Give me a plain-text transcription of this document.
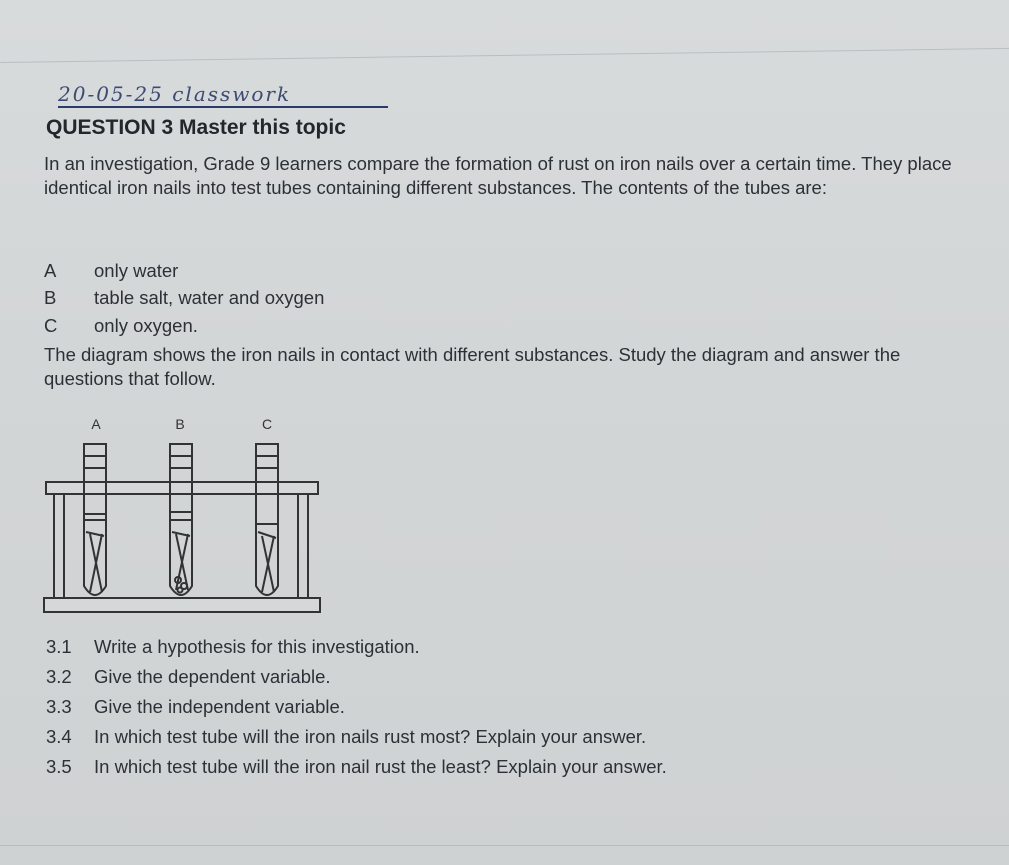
20-05-25 classwork
QUESTION 3 Master this topic
In an investigation, Grade 9 learners compare the formation of rust on iron nails over a certain time. They place identical iron nails into test tubes containing different substances. The contents of the tubes are:
A only water
B table salt, water and oxygen
C only oxygen.
The diagram shows the iron nails in contact with different substances. Study the diagram and answer the questions that follow.
A	B	C
3.1 Write a hypothesis for this investigation.
3.2 Give the dependent variable.
3.3 Give the independent variable.
3.4 In which test tube will the iron nails rust most? Explain your answer.
3.5 In which test tube will the iron nail rust the least? Explain your answer.
